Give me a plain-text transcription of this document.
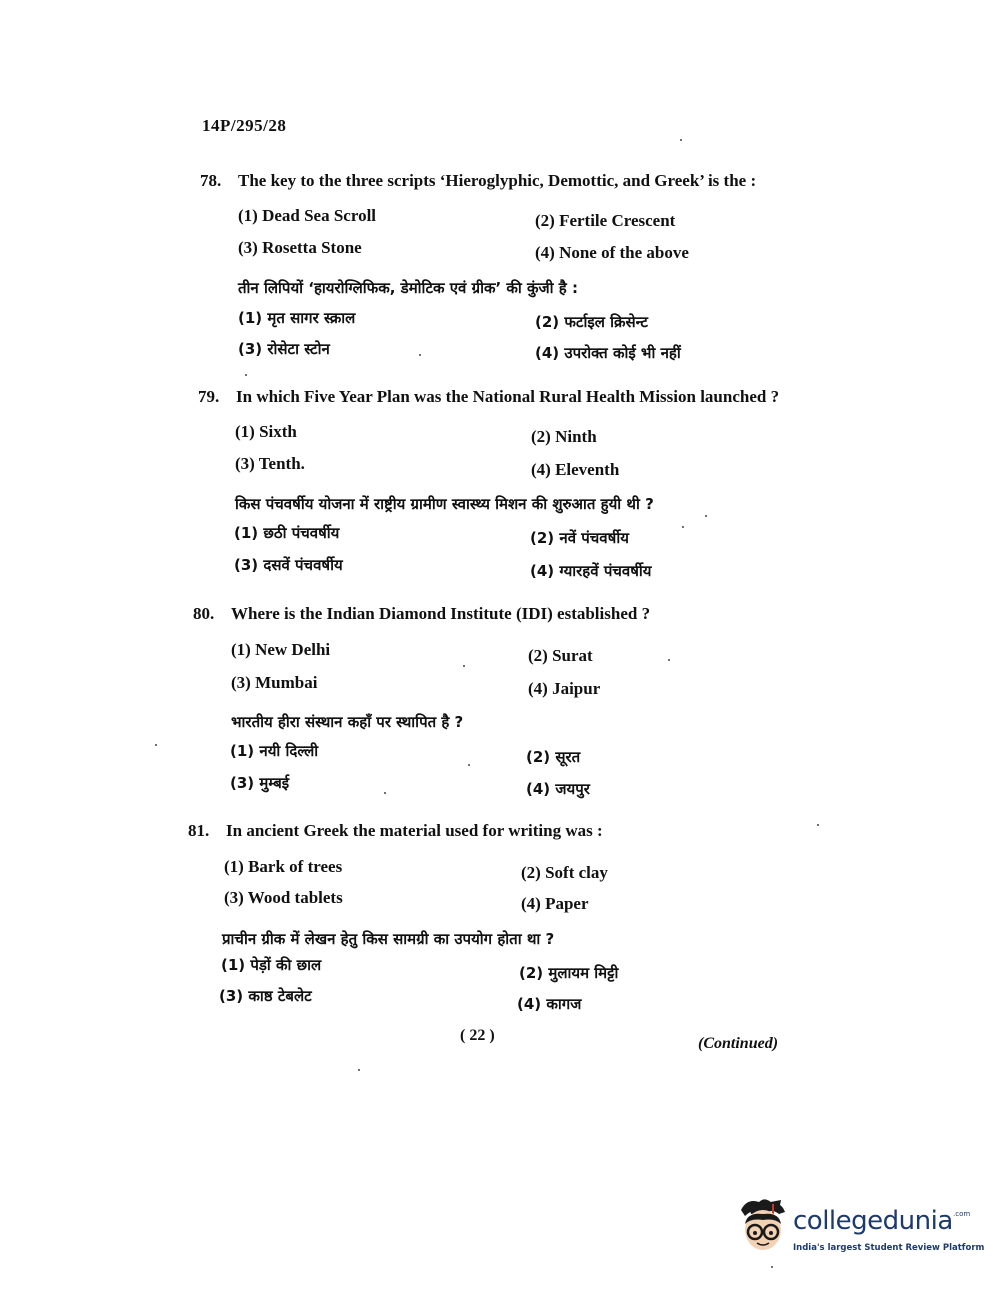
14P/295/28
78. The key to the three scripts ‘Hieroglyphic, Demottic, and Greek’ is the :
(1) Dead Sea Scroll	(2) Fertile Crescent
(3) Rosetta Stone	(4) None of the above
तीन लिपियों ‘हायरोग्लिफिक, डेमोटिक एवं ग्रीक’ की कुंजी है :
(1) मृत सागर स्क्राल	(2) फर्टाइल क्रिसेन्ट
(3) रोसेटा स्टोन	(4) उपरोक्त कोई भी नहीं
79. In which Five Year Plan was the National Rural Health Mission launched ?
(1) Sixth	(2) Ninth
(3) Tenth.	(4) Eleventh
किस पंचवर्षीय योजना में राष्ट्रीय ग्रामीण स्वास्थ्य मिशन की शुरुआत हुयी थी ?
(1) छठी पंचवर्षीय	(2) नवें पंचवर्षीय
(3) दसवें पंचवर्षीय	(4) ग्यारहवें पंचवर्षीय
80. Where is the Indian Diamond Institute (IDI) established ?
(1) New Delhi	(2) Surat
(3) Mumbai	(4) Jaipur
भारतीय हीरा संस्थान कहाँ पर स्थापित है ?
(1) नयी दिल्ली	(2) सूरत
(3) मुम्बई	(4) जयपुर
81. In ancient Greek the material used for writing was :
(1) Bark of trees	(2) Soft clay
(3) Wood tablets	(4) Paper
प्राचीन ग्रीक में लेखन हेतु किस सामग्री का उपयोग होता था ?
(1) पेड़ों की छाल	(2) मुलायम मिट्टी
(3) काष्ठ टेबलेट	(4) कागज
( 22 )	(Continued)
collegedunia .com
India's largest Student Review Platform
